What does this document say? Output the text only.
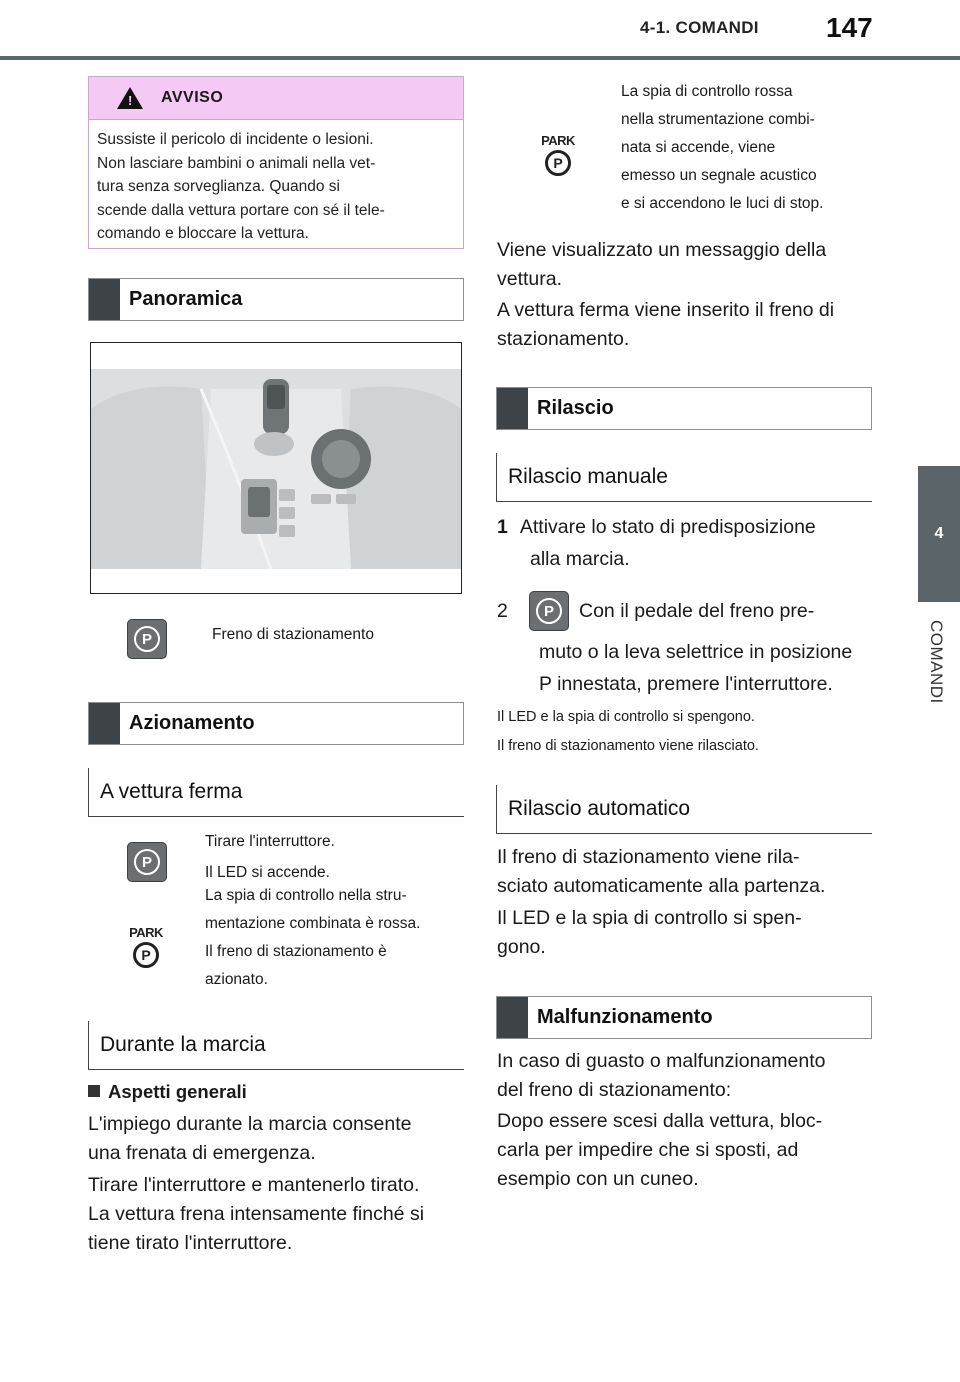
4-1. COMANDI 147
4
COMANDI
! AVVISO
Sussiste il pericolo di incidente o lesioni.
Non lasciare bambini o animali nella vet-
tura senza sorveglianza. Quando si
scende dalla vettura portare con sé il tele-
comando e bloccare la vettura.
Panoramica
P	Freno di stazionamento
Azionamento
A vettura ferma
P
PARK
P
Tirare l'interruttore.
Il LED si accende.
La spia di controllo nella stru-
mentazione combinata è rossa.
Il freno di stazionamento è
azionato.
Durante la marcia
Aspetti generali
L'impiego durante la marcia consente
una frenata di emergenza.
Tirare l'interruttore e mantenerlo tirato.
La vettura frena intensamente finché si
tiene tirato l'interruttore.
PARK
P
La spia di controllo rossa
nella strumentazione combi-
nata si accende, viene
emesso un segnale acustico
e si accendono le luci di stop.
Viene visualizzato un messaggio della
vettura.
A vettura ferma viene inserito il freno di
stazionamento.
Rilascio
Rilascio manuale
1 Attivare lo stato di predisposizione
alla marcia.
2	P	Con il pedale del freno pre-
muto o la leva selettrice in posizione
P innestata, premere l'interruttore.
Il LED e la spia di controllo si spengono.
Il freno di stazionamento viene rilasciato.
Rilascio automatico
Il freno di stazionamento viene rila-
sciato automaticamente alla partenza.
Il LED e la spia di controllo si spen-
gono.
Malfunzionamento
In caso di guasto o malfunzionamento
del freno di stazionamento:
Dopo essere scesi dalla vettura, bloc-
carla per impedire che si sposti, ad
esempio con un cuneo.
